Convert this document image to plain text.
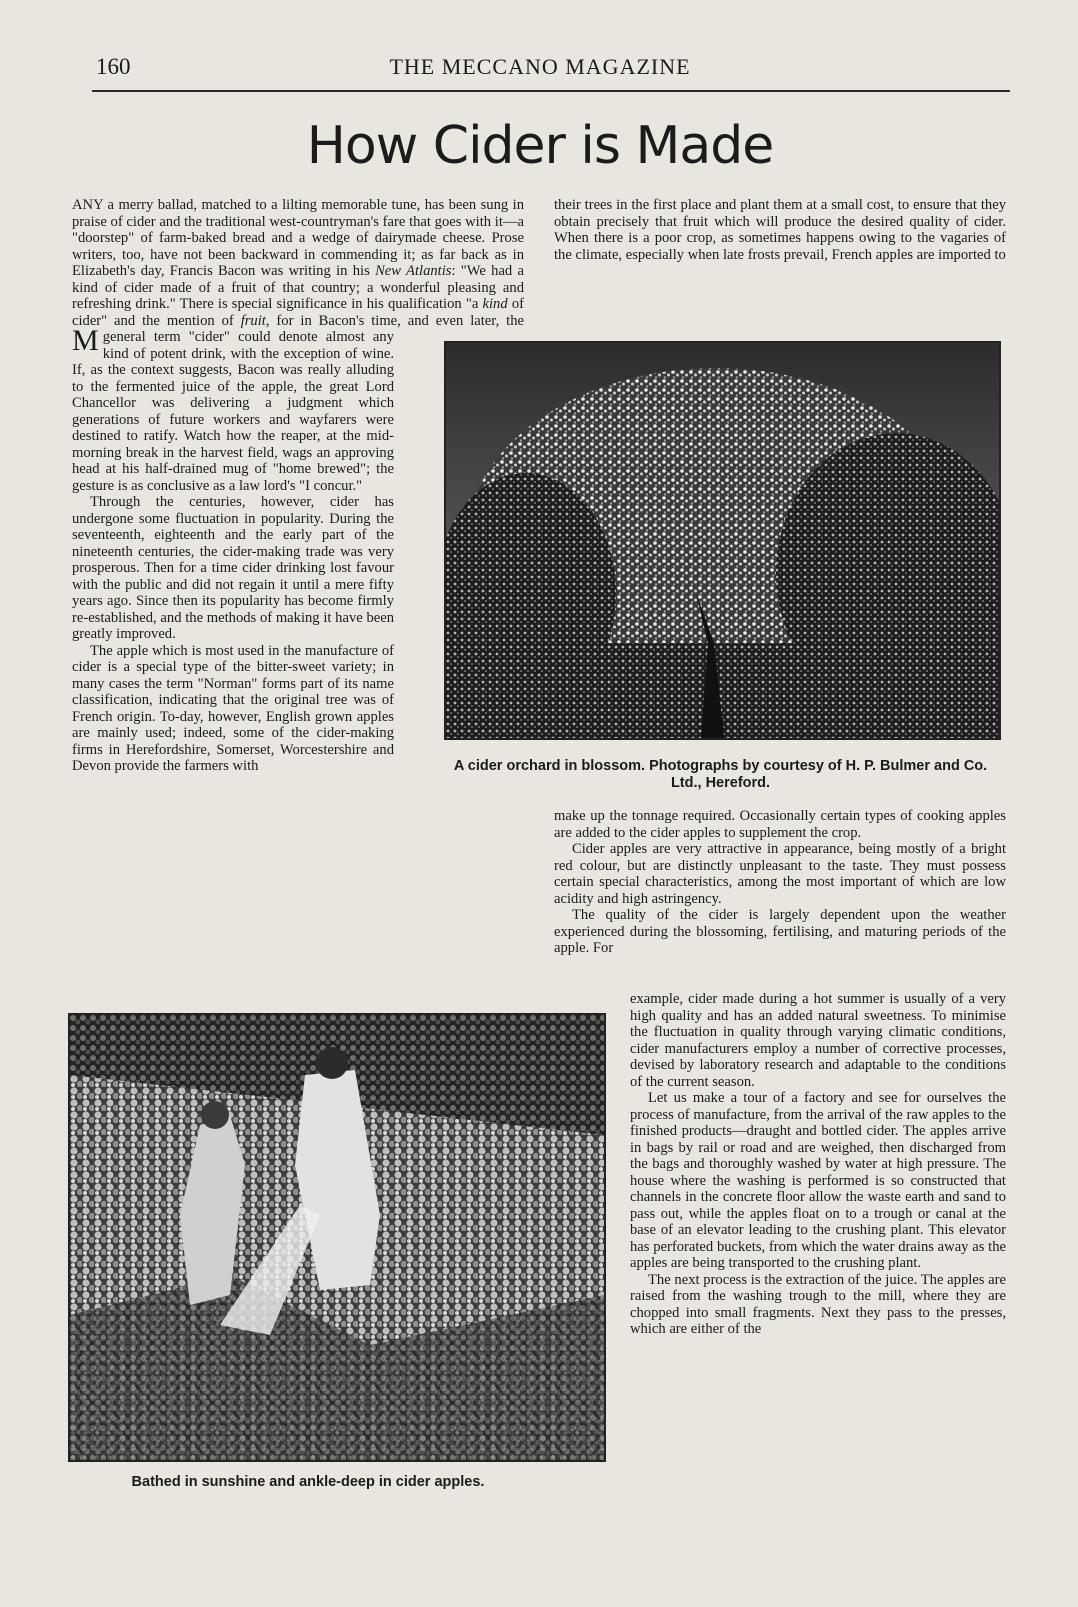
160	THE MECCANO MAGAZINE
How Cider is Made

M
ANY a merry ballad, matched to a lilting memorable tune, has been sung in praise of cider and the traditional west-countryman's fare that goes with it—a "doorstep" of farm-baked bread and a wedge of dairymade cheese. Prose writers, too, have not been backward in commending it; as far back as in Elizabeth's day, Francis Bacon was writing in his New Atlantis: "We had a kind of cider made of a fruit of that country; a wonderful pleasing and refreshing drink." There is special significance in his qualification "a kind of cider" and the mention of fruit, for in Bacon's time, and even later, the general term "cider" could denote almost any kind of potent drink, with the exception of wine. If, as the context suggests, Bacon was really alluding to the fermented juice of the apple, the great Lord Chancellor was delivering a judgment which generations of future workers and wayfarers were destined to ratify. Watch how the reaper, at the mid-morning break in the harvest field, wags an approving head at his half-drained mug of "home brewed"; the gesture is as conclusive as a law lord's "I concur."

Through the centuries, however, cider has undergone some fluctuation in popularity. During the seventeenth, eighteenth and the early part of the nineteenth centuries, the cider-making trade was very prosperous. Then for a time cider drinking lost favour with the public and did not regain it until a mere fifty years ago. Since then its popularity has become firmly re-established, and the methods of making it have been greatly improved.

The apple which is most used in the manufacture of cider is a special type of the bitter-sweet variety; in many cases the term "Norman" forms part of its name classification, indicating that the original tree was of French origin. To-day, however, English grown apples are mainly used; indeed, some of the cider-making firms in Herefordshire, Somerset, Worcestershire and Devon provide the farmers with

their trees in the first place and plant them at a small cost, to ensure that they obtain precisely that fruit which will produce the desired quality of cider. When there is a poor crop, as sometimes happens owing to the vagaries of the climate, especially when late frosts prevail, French apples are imported to

A cider orchard in blossom. Photographs by courtesy of H. P. Bulmer and Co. Ltd., Hereford.

make up the tonnage required. Occasionally certain types of cooking apples are added to the cider apples to supplement the crop.

Cider apples are very attractive in appearance, being mostly of a bright red colour, but are distinctly unpleasant to the taste. They must possess certain special characteristics, among the most important of which are low acidity and high astringency.

The quality of the cider is largely dependent upon the weather experienced during the blossoming, fertilising, and maturing periods of the apple. For

example, cider made during a hot summer is usually of a very high quality and has an added natural sweetness. To minimise the fluctuation in quality through varying climatic conditions, cider manufacturers employ a number of corrective processes, devised by laboratory research and adaptable to the conditions of the current season.

Let us make a tour of a factory and see for ourselves the process of manufacture, from the arrival of the raw apples to the finished products—draught and bottled cider. The apples arrive in bags by rail or road and are weighed, then discharged from the bags and thoroughly washed by water at high pressure. The house where the washing is performed is so constructed that channels in the concrete floor allow the waste earth and sand to pass out, while the apples float on to a trough or canal at the base of an elevator leading to the crushing plant. This elevator has perforated buckets, from which the water drains away as the apples are being transported to the crushing plant.

The next process is the extraction of the juice. The apples are raised from the washing trough to the mill, where they are chopped into small fragments. Next they pass to the presses, which are either of the

Bathed in sunshine and ankle-deep in cider apples.
